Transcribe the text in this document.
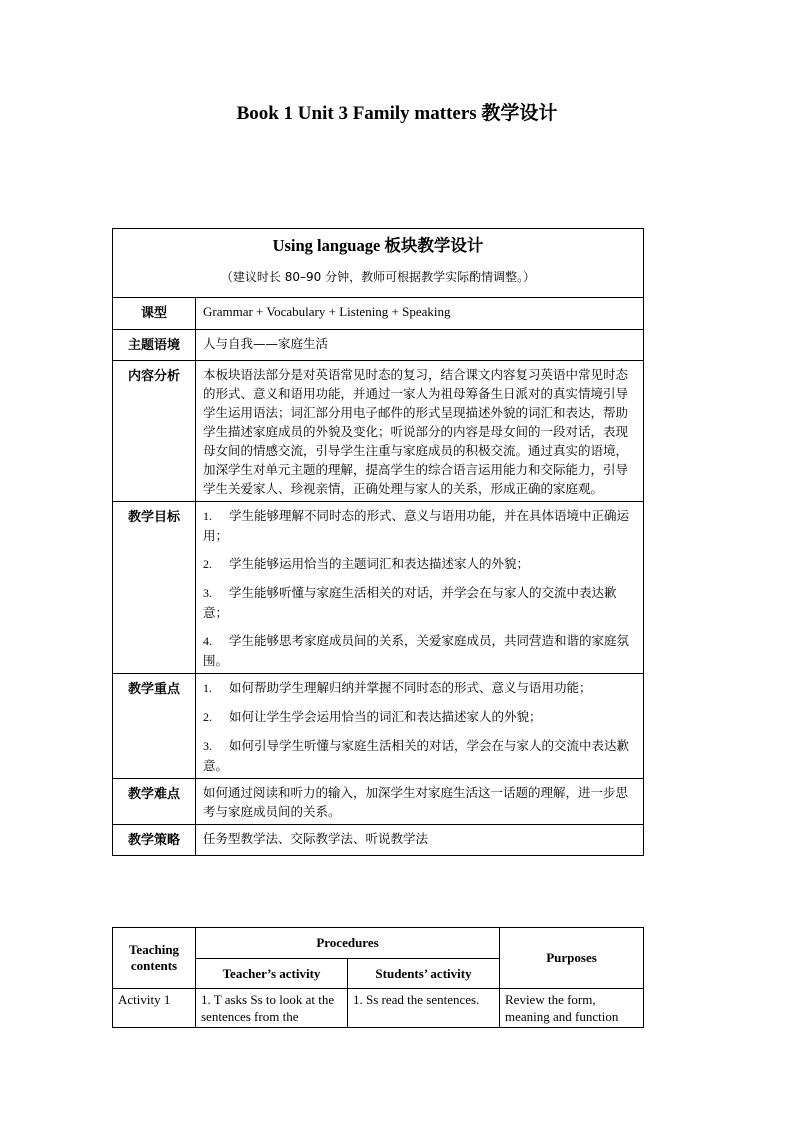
Book 1 Unit 3 Family matters 教学设计
Using language 板块教学设计
（建议时长 80–90 分钟，教师可根据教学实际酌情调整。）	

课型	Grammar + Vocabulary + Listening + Speaking
主题语境	人与自我——家庭生活
内容分析	本板块语法部分是对英语常见时态的复习，结合课文内容复习英语中常见时态的形式、意义和语用功能，并通过一家人为祖母筹备生日派对的真实情境引导学生运用语法；词汇部分用电子邮件的形式呈现描述外貌的词汇和表达，帮助学生描述家庭成员的外貌及变化；听说部分的内容是母女间的一段对话，表现母女间的情感交流，引导学生注重与家庭成员的积极交流。通过真实的语境，加深学生对单元主题的理解，提高学生的综合语言运用能力和交际能力，引导学生关爱家人、珍视亲情，正确处理与家人的关系，形成正确的家庭观。
教学目标	1. 学生能够理解不同时态的形式、意义与语用功能，并在具体语境中正确运用；
2. 学生能够运用恰当的主题词汇和表达描述家人的外貌；
3. 学生能够听懂与家庭生活相关的对话，并学会在与家人的交流中表达歉意；
4. 学生能够思考家庭成员间的关系，关爱家庭成员，共同营造和谐的家庭氛围。

教学重点	1. 如何帮助学生理解归纳并掌握不同时态的形式、意义与语用功能；
2. 如何让学生学会运用恰当的词汇和表达描述家人的外貌；
3. 如何引导学生听懂与家庭生活相关的对话，学会在与家人的交流中表达歉意。

教学难点	如何通过阅读和听力的输入，加深学生对家庭生活这一话题的理解，进一步思考与家庭成员间的关系。
教学策略	任务型教学法、交际教学法、听说教学法
Teaching contents	Procedures		Purposes
	Teacher’s activity	Students’ activity	
Activity 1	1. T asks Ss to look at the sentences from the	1. Ss read the sentences.	Review the form, meaning and function
